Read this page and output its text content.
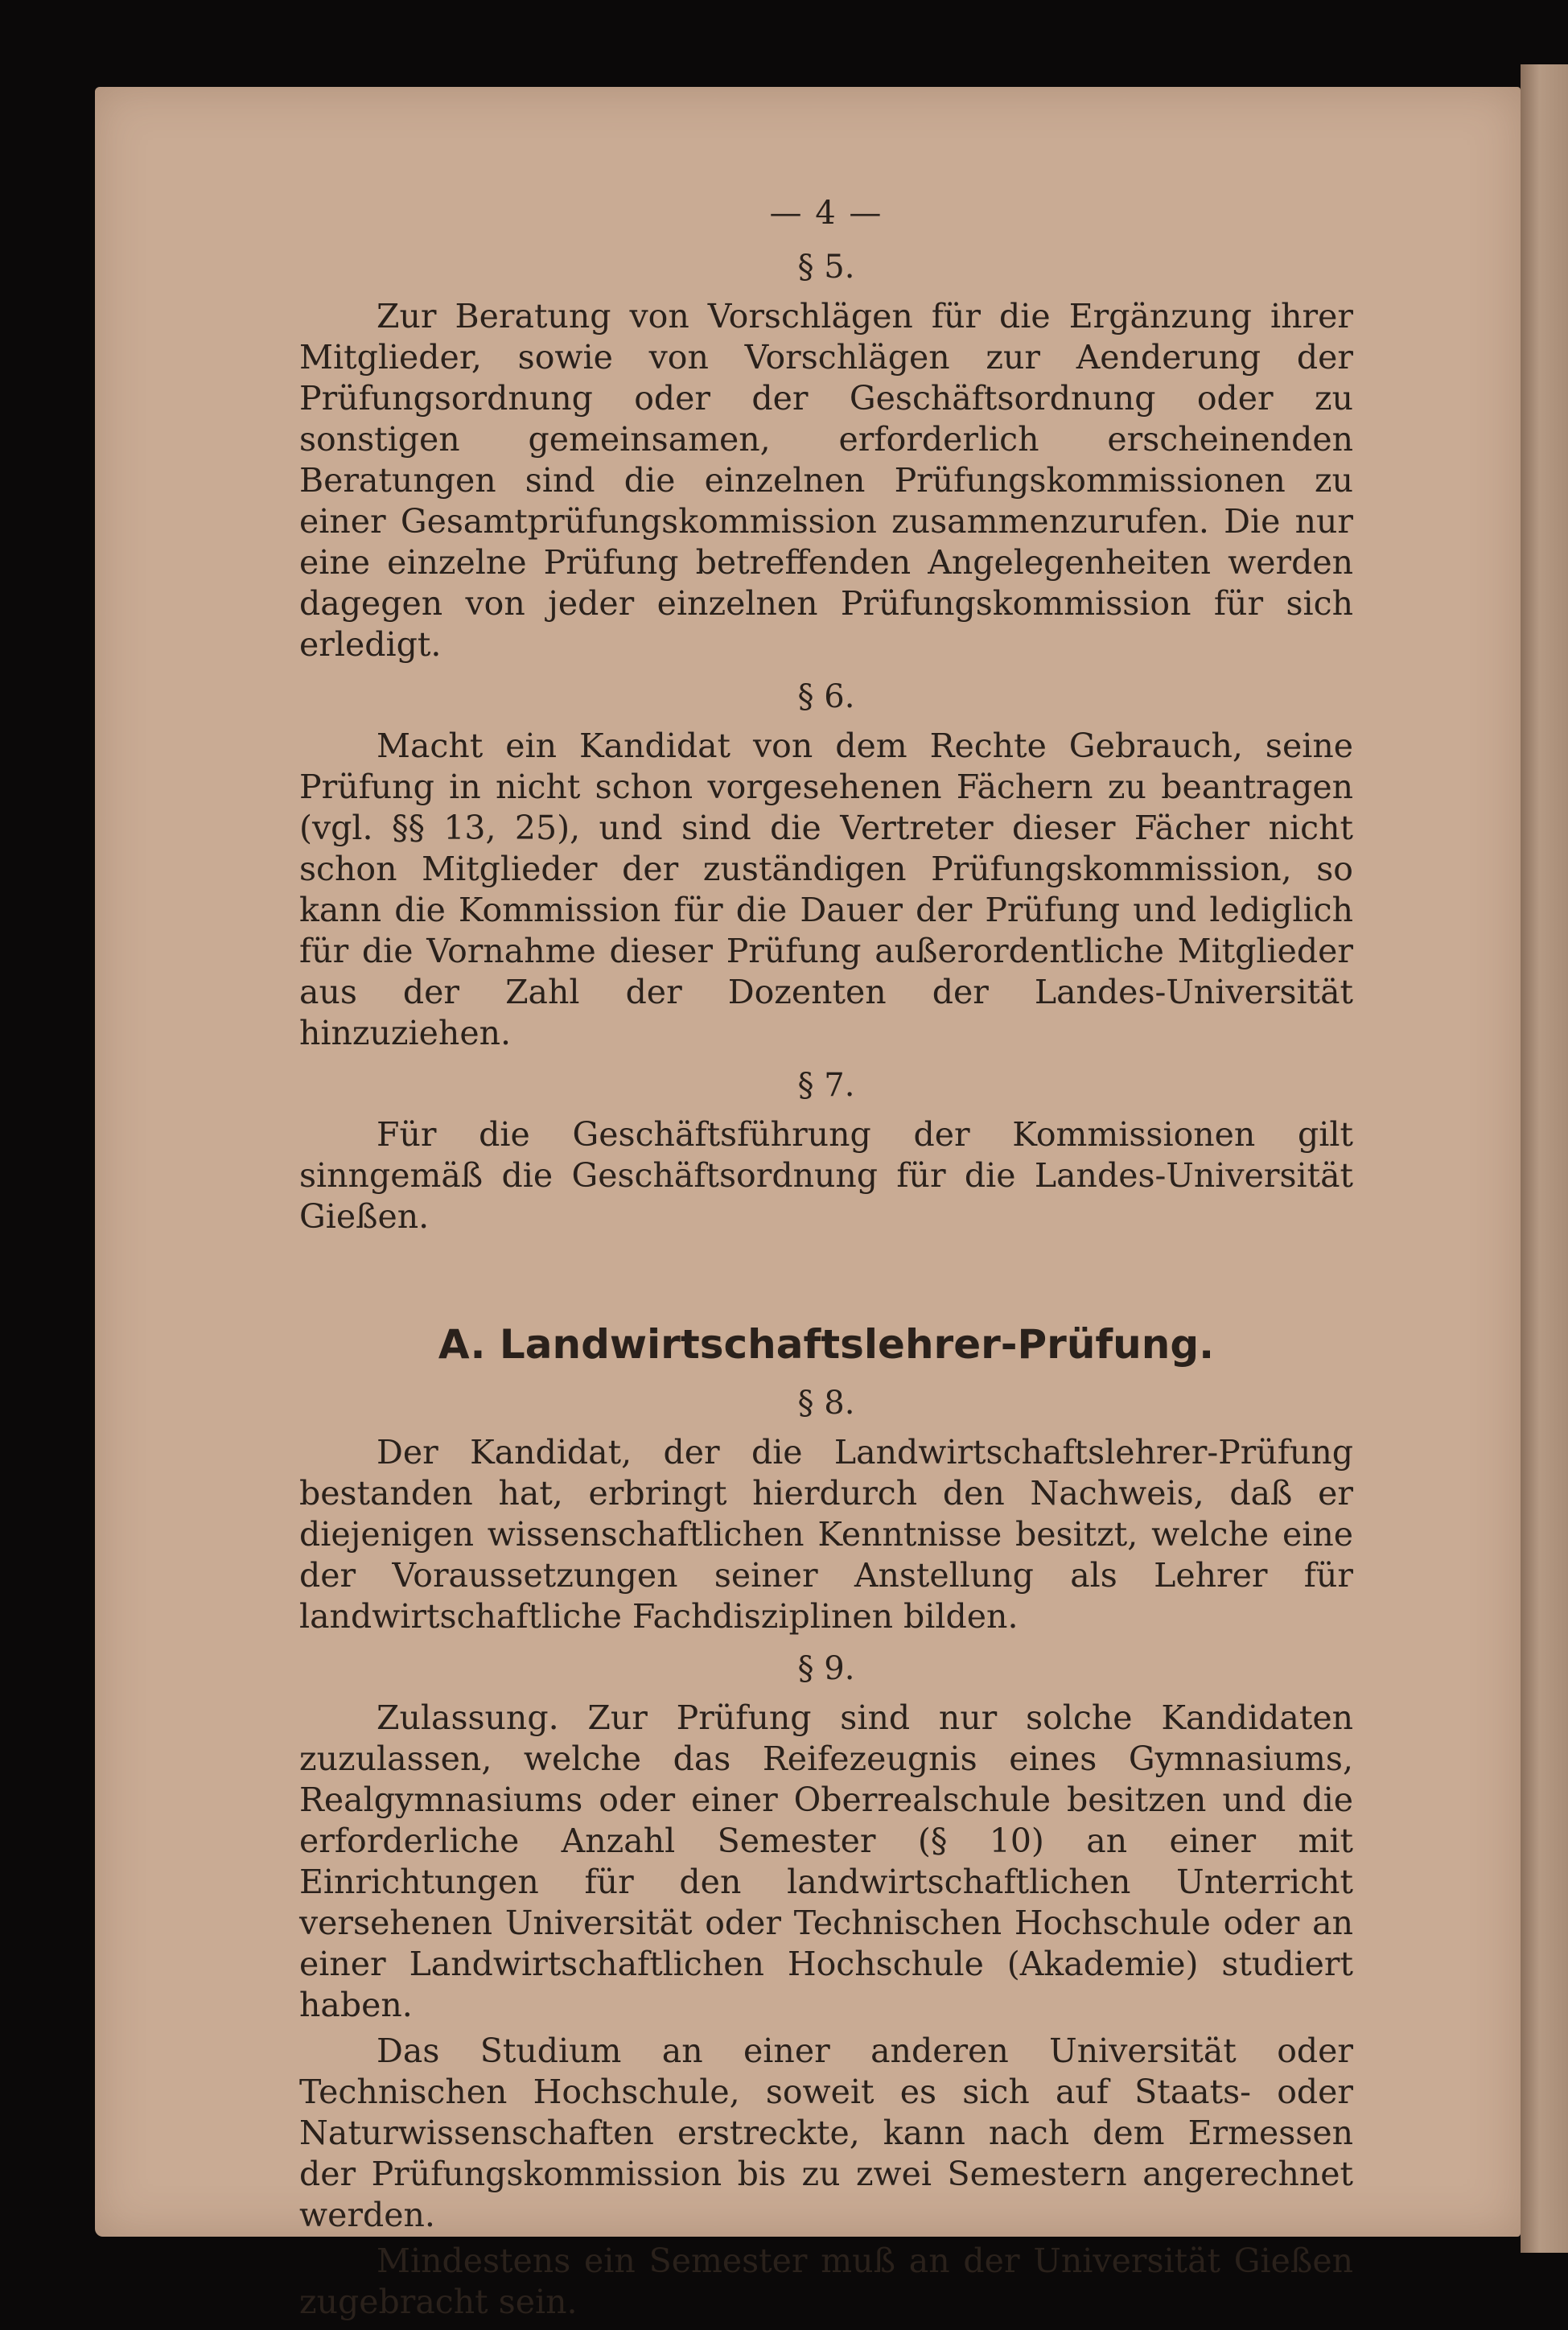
— 4 —
§ 5.

Zur Beratung von Vorschlägen für die Ergänzung ihrer Mitglieder, sowie von Vorschlägen zur Aenderung der Prüfungsordnung oder der Geschäftsordnung oder zu sonstigen gemeinsamen, erforderlich erscheinenden Beratungen sind die einzelnen Prüfungskommissionen zu einer Gesamtprüfungskommission zusammenzurufen. Die nur eine einzelne Prüfung betreffenden Angelegenheiten werden dagegen von jeder einzelnen Prüfungskommission für sich erledigt.

§ 6.

Macht ein Kandidat von dem Rechte Gebrauch, seine Prüfung in nicht schon vorgesehenen Fächern zu beantragen (vgl. §§ 13, 25), und sind die Vertreter dieser Fächer nicht schon Mitglieder der zuständigen Prüfungskommission, so kann die Kommission für die Dauer der Prüfung und lediglich für die Vornahme dieser Prüfung außerordentliche Mitglieder aus der Zahl der Dozenten der Landes-Universität hinzuziehen.

§ 7.

Für die Geschäftsführung der Kommissionen gilt sinngemäß die Geschäftsordnung für die Landes-Universität Gießen.

A. Landwirtschaftslehrer-Prüfung.
§ 8.

Der Kandidat, der die Landwirtschaftslehrer-Prüfung bestanden hat, erbringt hierdurch den Nachweis, daß er diejenigen wissenschaftlichen Kenntnisse besitzt, welche eine der Voraussetzungen seiner Anstellung als Lehrer für landwirtschaftliche Fachdisziplinen bilden.

§ 9.

Zulassung. Zur Prüfung sind nur solche Kandidaten zuzulassen, welche das Reifezeugnis eines Gymnasiums, Realgymnasiums oder einer Oberrealschule besitzen und die erforderliche Anzahl Semester (§ 10) an einer mit Einrichtungen für den landwirtschaftlichen Unterricht versehenen Universität oder Technischen Hochschule oder an einer Landwirtschaftlichen Hochschule (Akademie) studiert haben.

Das Studium an einer anderen Universität oder Technischen Hochschule, soweit es sich auf Staats- oder Naturwissenschaften erstreckte, kann nach dem Ermessen der Prüfungskommission bis zu zwei Semestern angerechnet werden.

Mindestens ein Semester muß an der Universität Gießen zugebracht sein.
